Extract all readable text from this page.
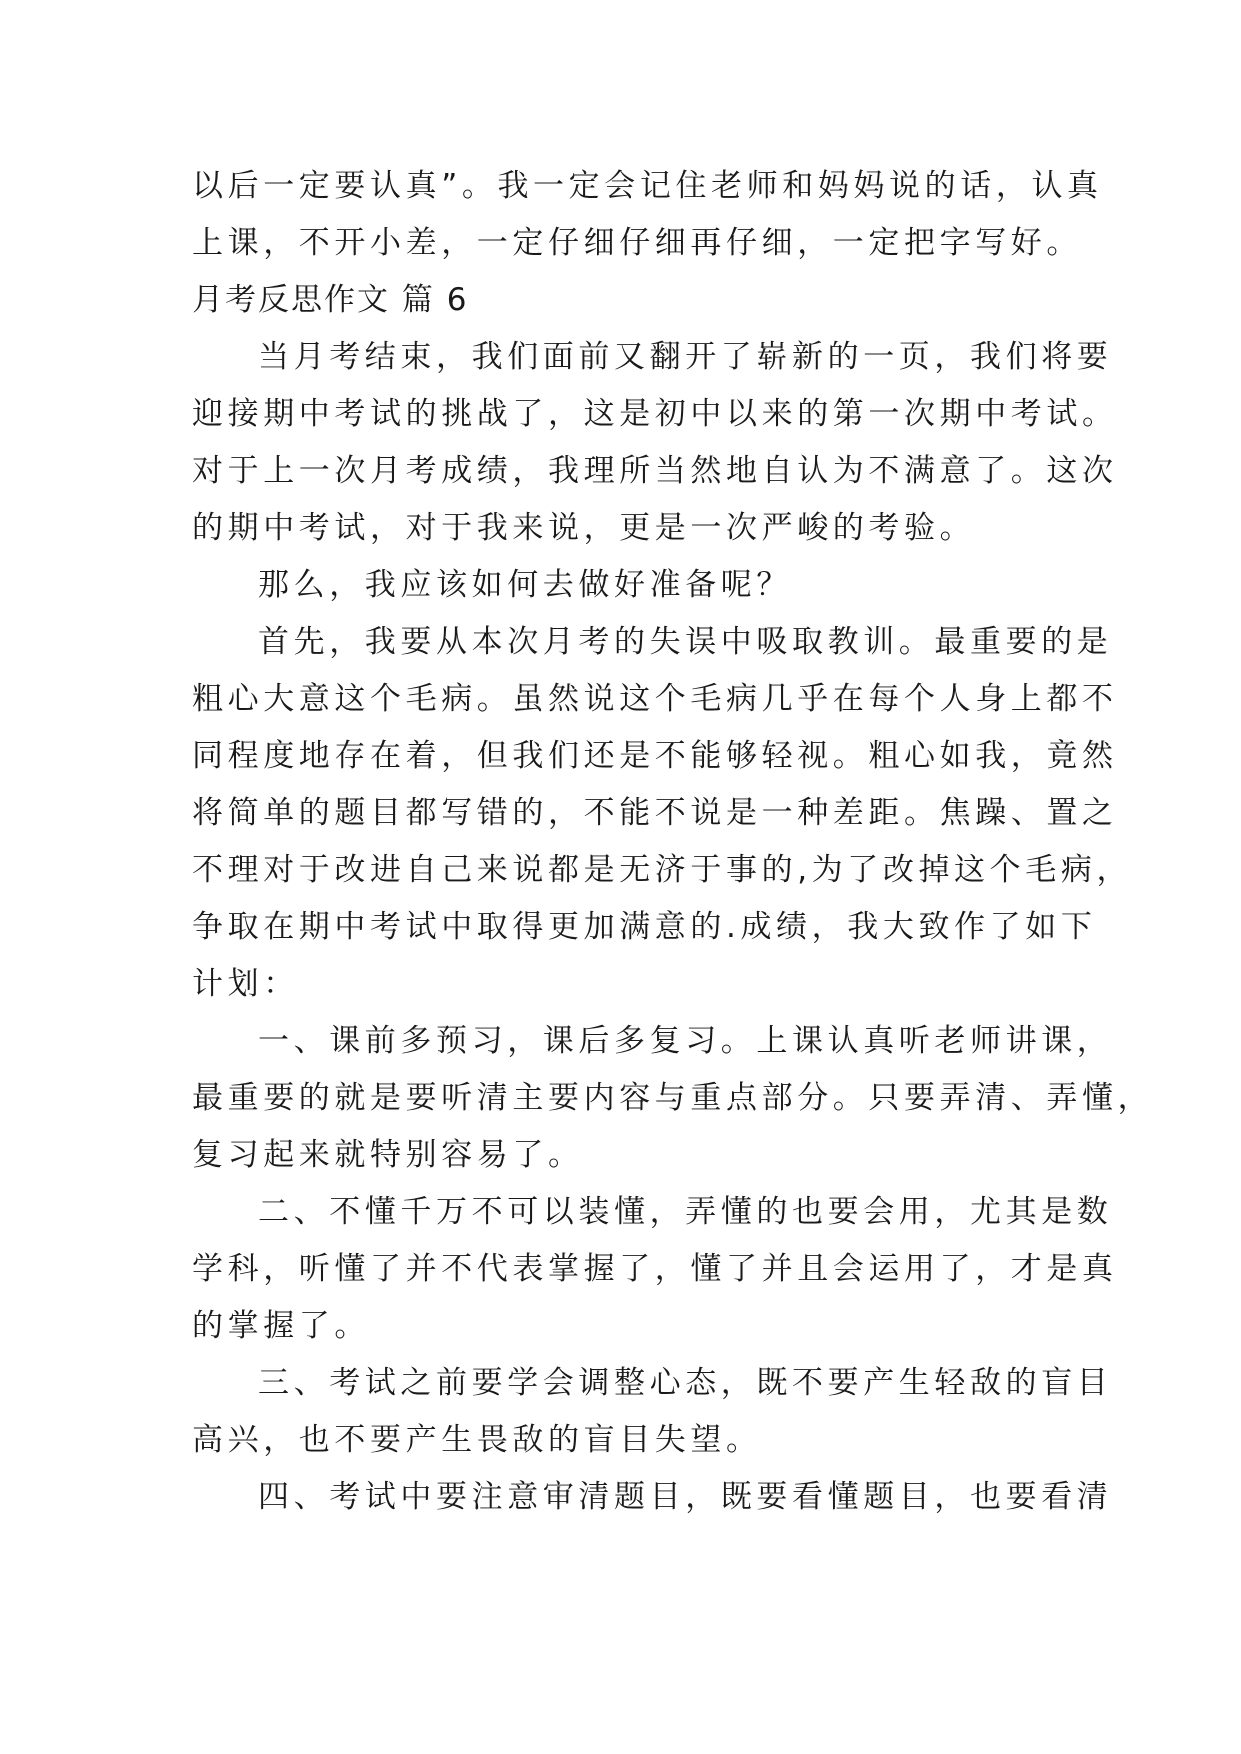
以后一定要认真”。我一定会记住老师和妈妈说的话，认真
上课，不开小差，一定仔细仔细再仔细，一定把字写好。
月考反思作文 篇 6
当月考结束，我们面前又翻开了崭新的一页，我们将要
迎接期中考试的挑战了，这是初中以来的第一次期中考试。
对于上一次月考成绩，我理所当然地自认为不满意了。这次
的期中考试，对于我来说，更是一次严峻的考验。
那么，我应该如何去做好准备呢？
首先，我要从本次月考的失误中吸取教训。最重要的是
粗心大意这个毛病。虽然说这个毛病几乎在每个人身上都不
同程度地存在着，但我们还是不能够轻视。粗心如我，竟然
将简单的题目都写错的，不能不说是一种差距。焦躁、置之
不理对于改进自己来说都是无济于事的,为了改掉这个毛病，
争取在期中考试中取得更加满意的.成绩，我大致作了如下
计划：
一、课前多预习，课后多复习。上课认真听老师讲课，
最重要的就是要听清主要内容与重点部分。只要弄清、弄懂，
复习起来就特别容易了。
二、不懂千万不可以装懂，弄懂的也要会用，尤其是数
学科，听懂了并不代表掌握了，懂了并且会运用了，才是真
的掌握了。
三、考试之前要学会调整心态，既不要产生轻敌的盲目
高兴，也不要产生畏敌的盲目失望。
四、考试中要注意审清题目，既要看懂题目，也要看清
